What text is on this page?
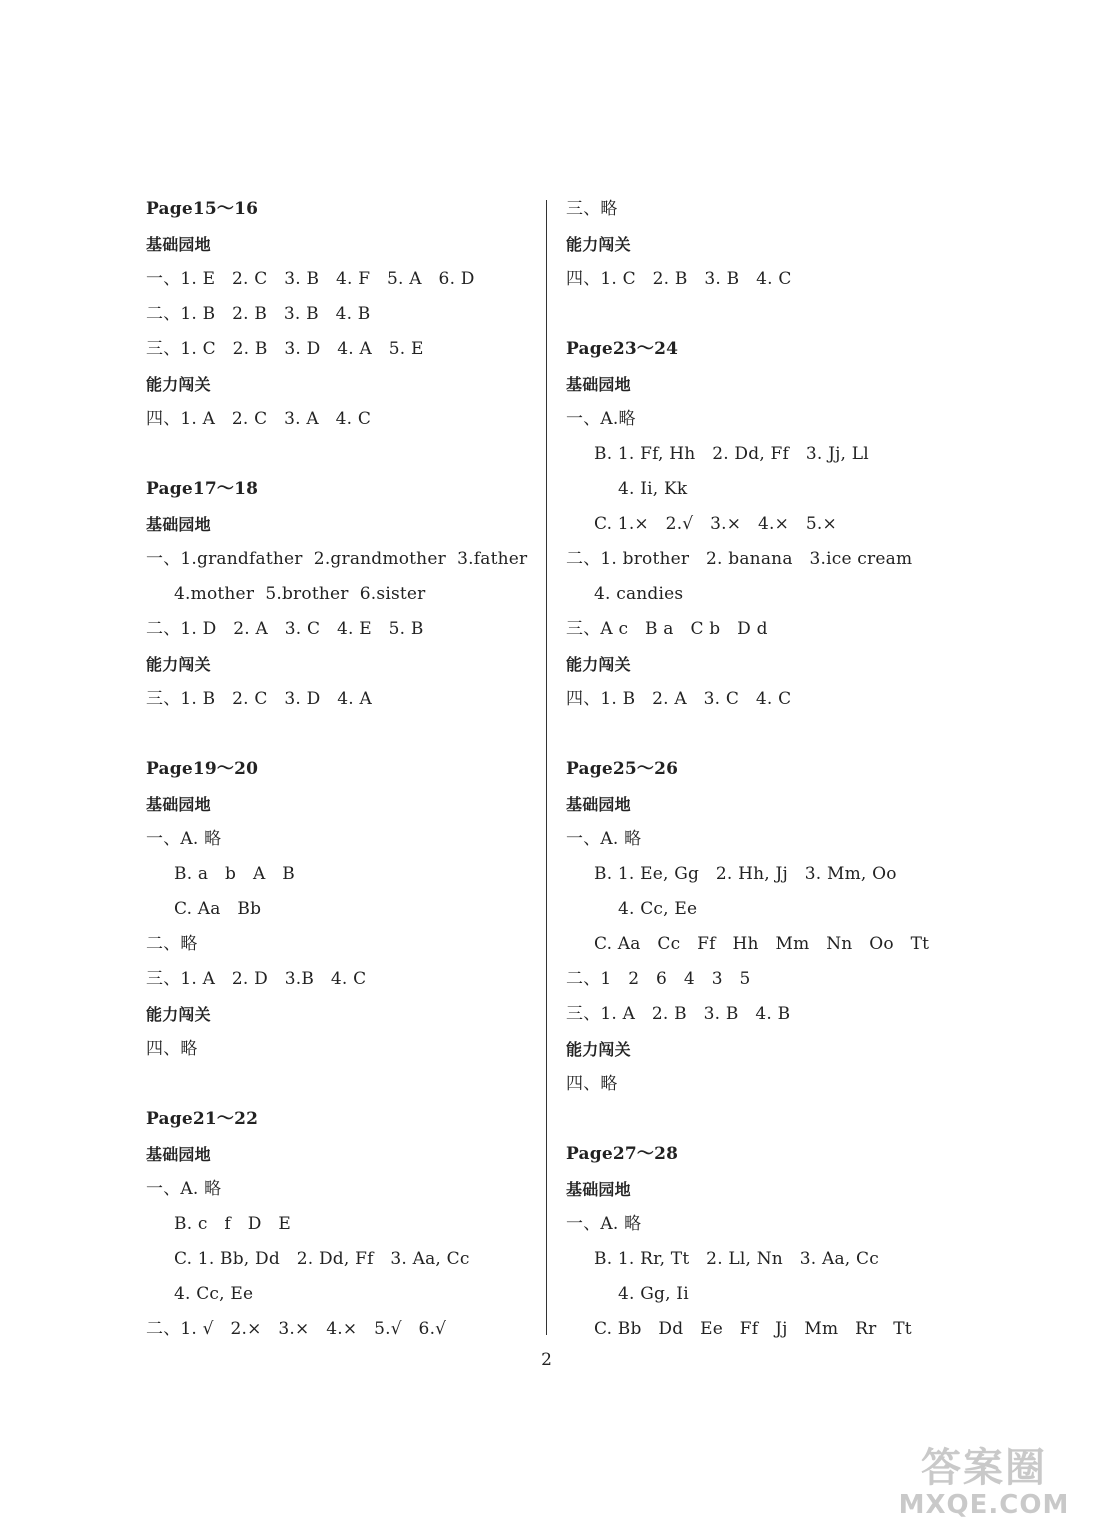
Page15～16
基础园地
一、1. E   2. C   3. B   4. F   5. A   6. D
二、1. B   2. B   3. B   4. B
三、1. C   2. B   3. D   4. A   5. E
能力闯关
四、1. A   2. C   3. A   4. C
Page17～18
基础园地
一、1.grandfather  2.grandmother  3.father
4.mother  5.brother  6.sister
二、1. D   2. A   3. C   4. E   5. B
能力闯关
三、1. B   2. C   3. D   4. A
Page19～20
基础园地
一、A. 略
B. a   b   A   B
C. Aa   Bb
二、略
三、1. A   2. D   3.B   4. C
能力闯关
四、略
Page21～22
基础园地
一、A. 略
B. c   f   D   E
C. 1. Bb, Dd   2. Dd, Ff   3. Aa, Cc
4. Cc, Ee
二、1. √   2.×   3.×   4.×   5.√   6.√
三、略
能力闯关
四、1. C   2. B   3. B   4. C
Page23～24
基础园地
一、A.略
B. 1. Ff, Hh   2. Dd, Ff   3. Jj, Ll
4. Ii, Kk
C. 1.×   2.√   3.×   4.×   5.×
二、1. brother   2. banana   3.ice cream
4. candies
三、A c   B a   C b   D d
能力闯关
四、1. B   2. A   3. C   4. C
Page25～26
基础园地
一、A. 略
B. 1. Ee, Gg   2. Hh, Jj   3. Mm, Oo
4. Cc, Ee
C. Aa   Cc   Ff   Hh   Mm   Nn   Oo   Tt
二、1   2   6   4   3   5
三、1. A   2. B   3. B   4. B
能力闯关
四、略
Page27～28
基础园地
一、A. 略
B. 1. Rr, Tt   2. Ll, Nn   3. Aa, Cc
4. Gg, Ii
C. Bb   Dd   Ee   Ff   Jj   Mm   Rr   Tt
2
答案圈
MXQE.COM
